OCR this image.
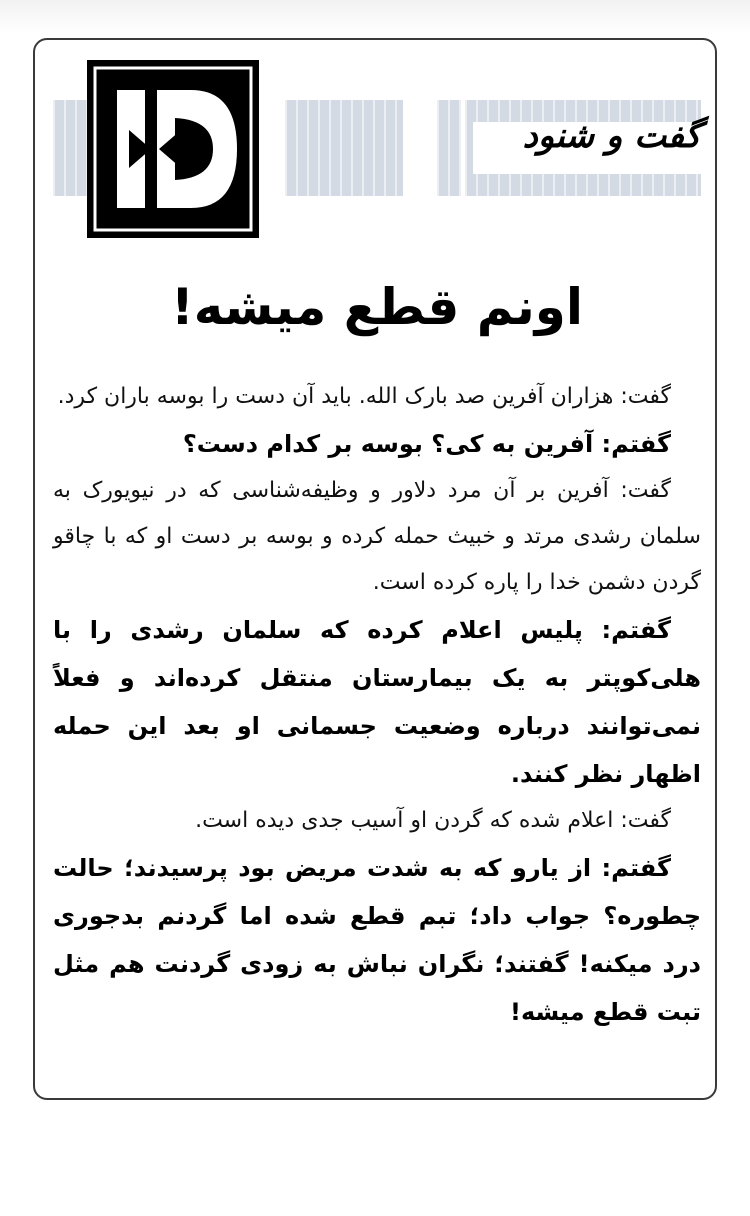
گفت و شنود
اونم قطع میشه!

گفت: هزاران آفرین صد بارک الله. باید آن دست را بوسه باران کرد.

گفتم: آفرین به کی؟ بوسه بر کدام دست؟

گفت: آفرین بر آن مرد دلاور و وظیفه‌شناسی که در نیویورک به سلمان رشدی مرتد و خبیث حمله کرده و بوسه بر دست او که با چاقو گردن دشمن خدا را پاره کرده است.

گفتم: پلیس اعلام کرده که سلمان رشدی را با هلی‌کوپتر به یک بیمارستان منتقل کرده‌اند و فعلاً نمی‌توانند درباره وضعیت جسمانی او بعد این حمله اظهار نظر کنند.

گفت: اعلام شده که گردن او آسیب جدی دیده است.

گفتم: از یارو که به شدت مریض بود پرسیدند؛ حالت چطوره؟ جواب داد؛ تبم قطع شده اما گردنم بدجوری درد میکنه! گفتند؛ نگران نباش به زودی گردنت هم مثل تبت قطع میشه!
